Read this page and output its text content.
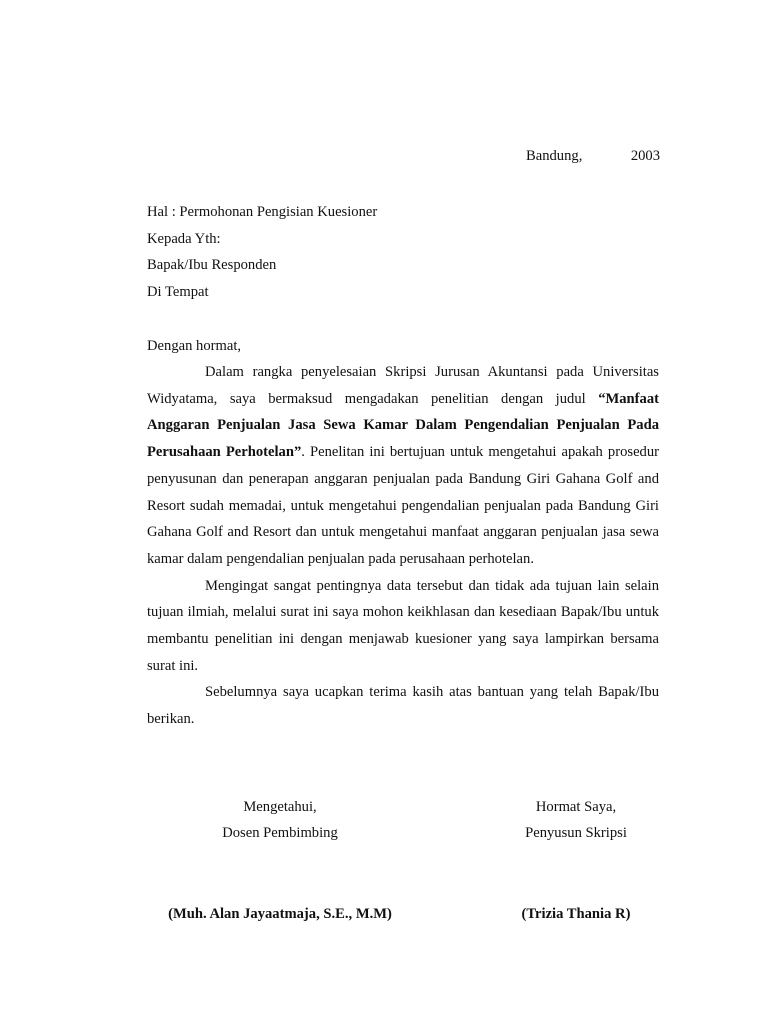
Bandung,	2003
Hal : Permohonan Pengisian Kuesioner
Kepada Yth:
Bapak/Ibu Responden
Di Tempat
Dengan hormat,

Dalam rangka penyelesaian Skripsi Jurusan Akuntansi pada Universitas Widyatama, saya bermaksud mengadakan penelitian dengan judul “Manfaat Anggaran Penjualan Jasa Sewa Kamar Dalam Pengendalian Penjualan Pada Perusahaan Perhotelan”. Penelitan ini bertujuan untuk mengetahui apakah prosedur penyusunan dan penerapan anggaran penjualan pada Bandung Giri Gahana Golf and Resort sudah memadai, untuk mengetahui pengendalian penjualan pada Bandung Giri Gahana Golf and Resort dan untuk mengetahui manfaat anggaran penjualan jasa sewa kamar dalam pengendalian penjualan pada perusahaan perhotelan.

Mengingat sangat pentingnya data tersebut dan tidak ada tujuan lain selain tujuan ilmiah, melalui surat ini saya mohon keikhlasan dan kesediaan Bapak/Ibu untuk membantu penelitian ini dengan menjawab kuesioner yang saya lampirkan bersama surat ini.

Sebelumnya saya ucapkan terima kasih atas bantuan yang telah Bapak/Ibu berikan.

Mengetahui,
Dosen Pembimbing
Hormat Saya,
Penyusun Skripsi
(Muh. Alan Jayaatmaja, S.E., M.M)	(Trizia Thania R)
